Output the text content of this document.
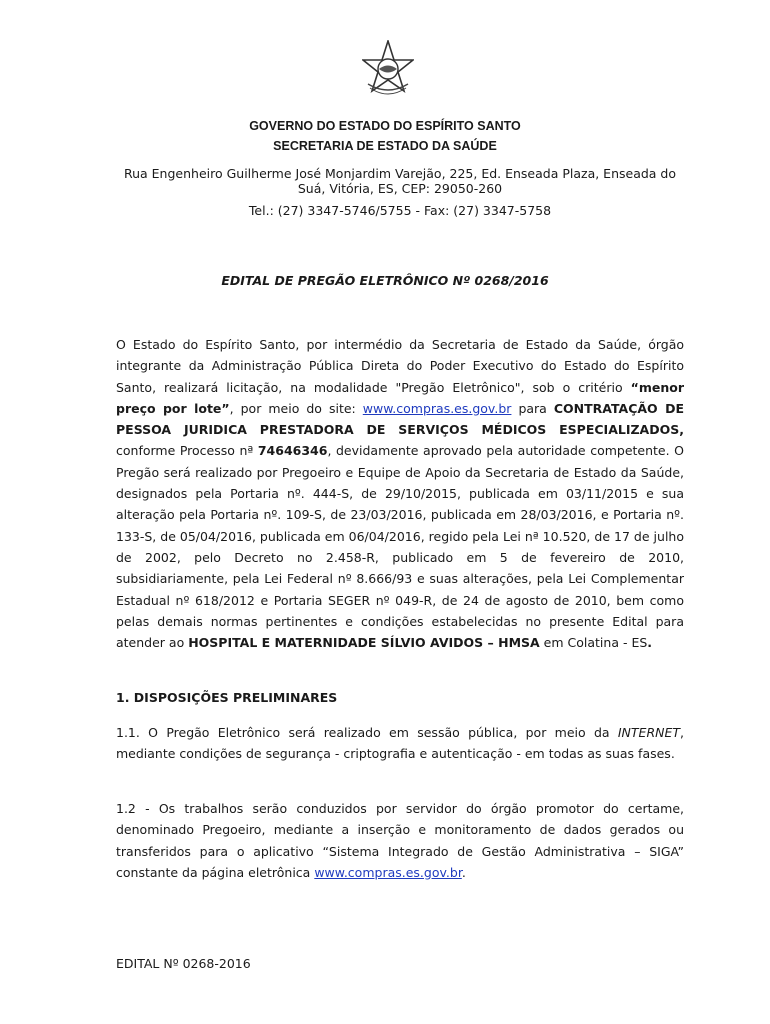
GOVERNO DO ESTADO DO ESPÍRITO SANTO
SECRETARIA DE ESTADO DA SAÚDE
Rua Engenheiro Guilherme José Monjardim Varejão, 225, Ed. Enseada Plaza, Enseada do Suá, Vitória, ES, CEP: 29050-260
Tel.: (27) 3347-5746/5755 - Fax: (27) 3347-5758
EDITAL DE PREGÃO ELETRÔNICO Nº 0268/2016

O Estado do Espírito Santo, por intermédio da Secretaria de Estado da Saúde, órgão integrante da Administração Pública Direta do Poder Executivo do Estado do Espírito Santo, realizará licitação, na modalidade "Pregão Eletrônico", sob o critério “menor preço por lote”, por meio do site: www.compras.es.gov.br para CONTRATAÇÃO DE PESSOA JURIDICA PRESTADORA DE SERVIÇOS MÉDICOS ESPECIALIZADOS, conforme Processo nª 74646346, devidamente aprovado pela autoridade competente. O Pregão será realizado por Pregoeiro e Equipe de Apoio da Secretaria de Estado da Saúde, designados pela Portaria nº. 444-S, de 29/10/2015, publicada em 03/11/2015 e sua alteração pela Portaria nº. 109-S, de 23/03/2016, publicada em 28/03/2016, e Portaria nº. 133-S, de 05/04/2016, publicada em 06/04/2016, regido pela Lei nª 10.520, de 17 de julho de 2002, pelo Decreto no 2.458-R, publicado em 5 de fevereiro de 2010, subsidiariamente, pela Lei Federal nº 8.666/93 e suas alterações, pela Lei Complementar Estadual nº 618/2012 e Portaria SEGER nº 049-R, de 24 de agosto de 2010, bem como pelas demais normas pertinentes e condições estabelecidas no presente Edital para atender ao HOSPITAL E MATERNIDADE SÍLVIO AVIDOS – HMSA em Colatina - ES.

1. DISPOSIÇÕES PRELIMINARES

1.1. O Pregão Eletrônico será realizado em sessão pública, por meio da INTERNET, mediante condições de segurança - criptografia e autenticação - em todas as suas fases.

1.2 - Os trabalhos serão conduzidos por servidor do órgão promotor do certame, denominado Pregoeiro, mediante a inserção e monitoramento de dados gerados ou transferidos para o aplicativo “Sistema Integrado de Gestão Administrativa – SIGA” constante da página eletrônica www.compras.es.gov.br.

EDITAL Nº 0268-2016
